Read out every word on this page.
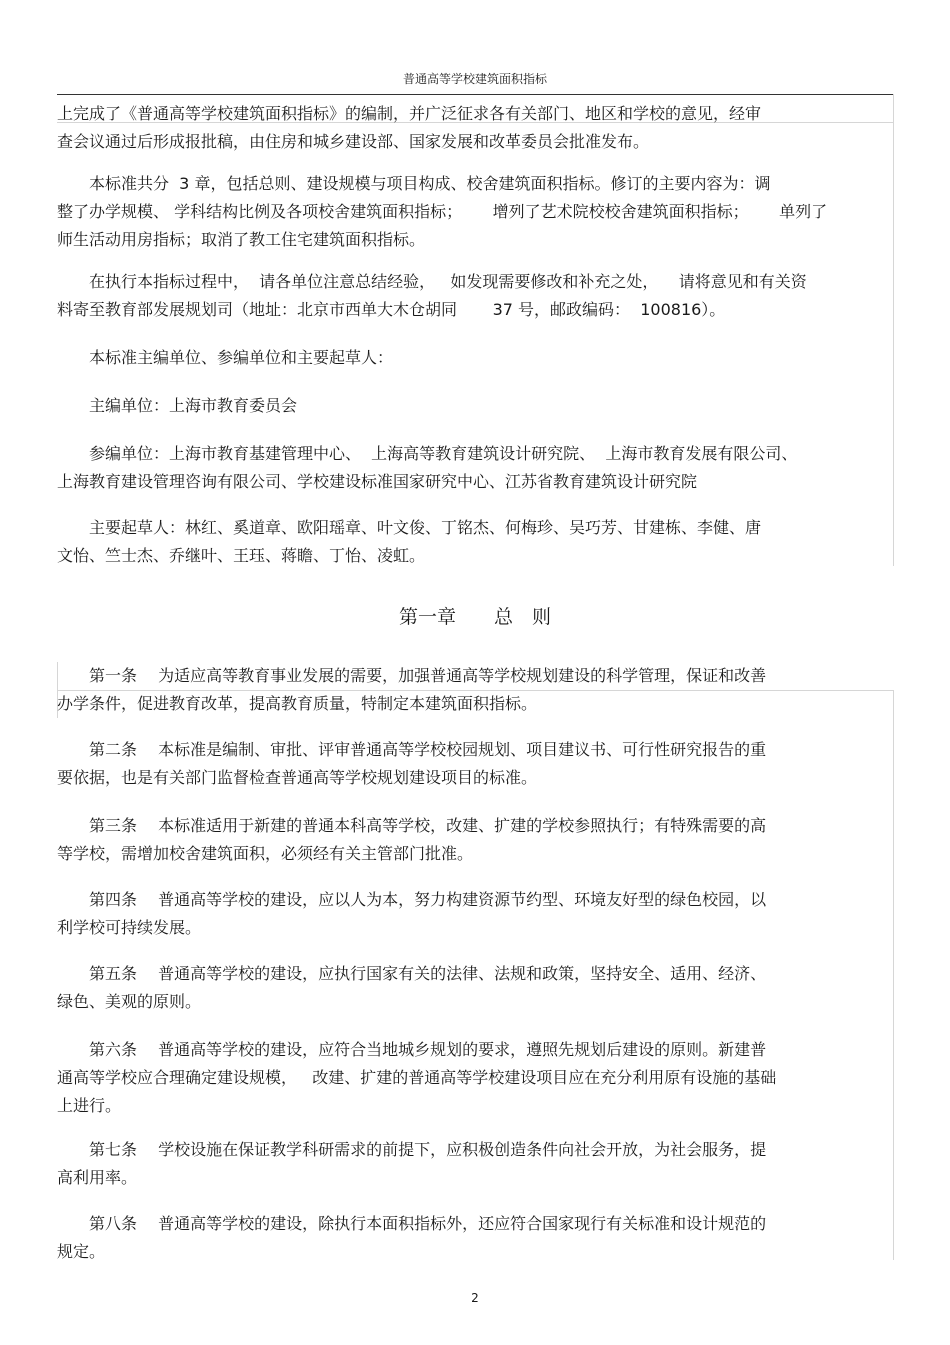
普通高等学校建筑面积指标
上完成了《普通高等学校建筑面积指标》的编制，并广泛征求各有关部门、地区和学校的意见，经审
查会议通过后形成报批稿，由住房和城乡建设部、国家发展和改革委员会批准发布。
　　本标准共分  3 章，包括总则、建设规模与项目构成、校舍建筑面积指标。修订的主要内容为：调
整了办学规模、 学科结构比例及各项校舍建筑面积指标；      增列了艺术院校校舍建筑面积指标；      单列了
师生活动用房指标；取消了教工住宅建筑面积指标。
　　在执行本指标过程中，  请各单位注意总结经验，   如发现需要修改和补充之处，    请将意见和有关资
料寄至教育部发展规划司（地址：北京市西单大木仓胡同       37 号，邮政编码：  100816）。
　　本标准主编单位、参编单位和主要起草人：
　　主编单位：上海市教育委员会
　　参编单位：上海市教育基建管理中心、  上海高等教育建筑设计研究院、  上海市教育发展有限公司、
上海教育建设管理咨询有限公司、学校建设标准国家研究中心、江苏省教育建筑设计研究院
　　主要起草人：林红、奚道章、欧阳瑶章、叶文俊、丁铭杰、何梅珍、吴巧芳、甘建栋、李健、唐
文怡、竺士杰、乔继叶、王珏、蒋瞻、丁怡、凌虹。
第一章　　总　则
　　第一条　 为适应高等教育事业发展的需要，加强普通高等学校规划建设的科学管理，保证和改善
办学条件，促进教育改革，提高教育质量，特制定本建筑面积指标。
　　第二条　 本标准是编制、审批、评审普通高等学校校园规划、项目建议书、可行性研究报告的重
要依据，也是有关部门监督检查普通高等学校规划建设项目的标准。
　　第三条　 本标准适用于新建的普通本科高等学校，改建、扩建的学校参照执行；有特殊需要的高
等学校，需增加校舍建筑面积，必须经有关主管部门批准。
　　第四条　 普通高等学校的建设，应以人为本，努力构建资源节约型、环境友好型的绿色校园，以
利学校可持续发展。
　　第五条　 普通高等学校的建设，应执行国家有关的法律、法规和政策，坚持安全、适用、经济、
绿色、美观的原则。
　　第六条　 普通高等学校的建设，应符合当地城乡规划的要求，遵照先规划后建设的原则。新建普
通高等学校应合理确定建设规模，   改建、扩建的普通高等学校建设项目应在充分利用原有设施的基础
上进行。
　　第七条　 学校设施在保证教学科研需求的前提下，应积极创造条件向社会开放，为社会服务，提
高利用率。
　　第八条　 普通高等学校的建设，除执行本面积指标外，还应符合国家现行有关标准和设计规范的
规定。
2
